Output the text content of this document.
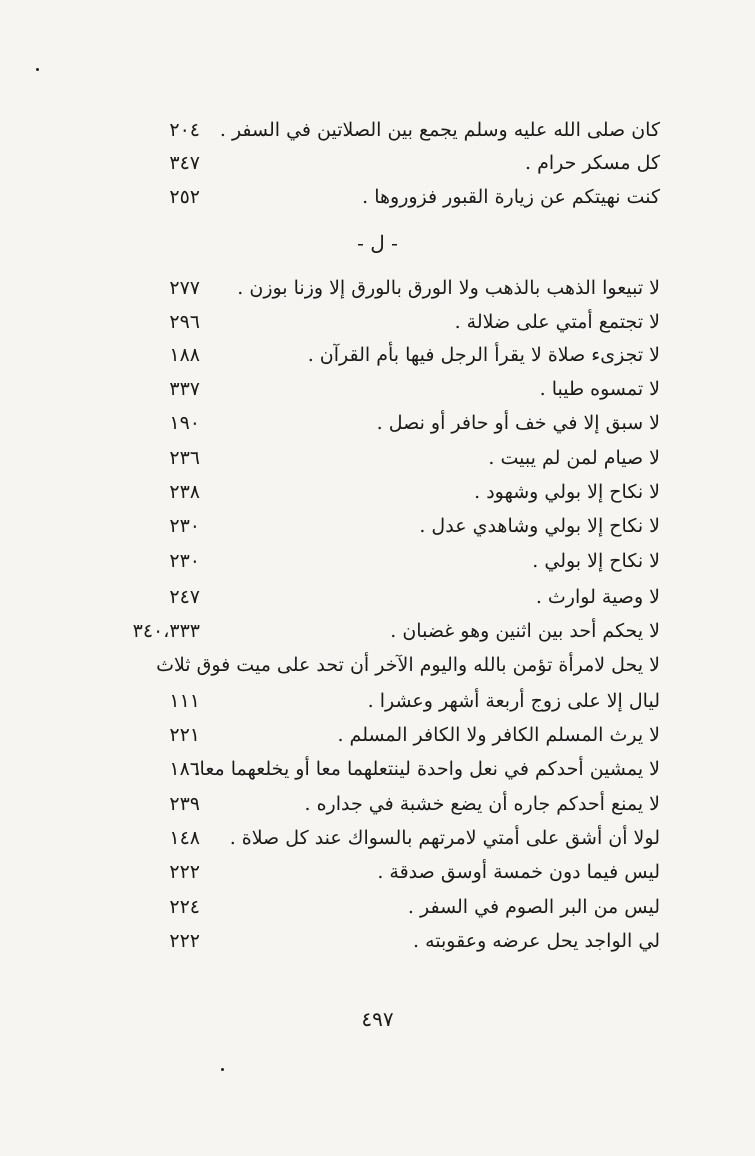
كان صلى الله عليه وسلم يجمع بين الصلاتين في السفر .
٢٠٤
كل مسكر حرام .
٣٤٧
كنت نهيتكم عن زيارة القبور فزوروها .
٢٥٢
- ل -
لا تبيعوا الذهب بالذهب ولا الورق بالورق إلا وزنا بوزن .
٢٧٧
لا تجتمع أمتي على ضلالة .
٢٩٦
لا تجزىء صلاة لا يقرأ الرجل فيها بأم القرآن .
١٨٨
لا تمسوه طيبا .
٣٣٧
لا سبق إلا في خف أو حافر أو نصل .
١٩٠
لا صيام لمن لم يبيت .
٢٣٦
لا نكاح إلا بولي وشهود .
٢٣٨
لا نكاح إلا بولي وشاهدي عدل .
٢٣٠
لا نكاح إلا بولي .
٢٣٠
لا وصية لوارث .
٢٤٧
لا يحكم أحد بين اثنين وهو غضبان .
٣٤٠،٣٣٣
لا يحل لامرأة تؤمن بالله واليوم الآخر أن تحد على ميت فوق ثلاث
ليال إلا على زوج أربعة أشهر وعشرا .
١١١
لا يرث المسلم الكافر ولا الكافر المسلم .
٢٢١
لا يمشين أحدكم في نعل واحدة لينتعلهما معا أو يخلعهما معا.
١٨٦
لا يمنع أحدكم جاره أن يضع خشبة في جداره .
٢٣٩
لولا أن أشق على أمتي لامرتهم بالسواك عند كل صلاة .
١٤٨
ليس فيما دون خمسة أوسق صدقة .
٢٢٢
ليس من البر الصوم في السفر .
٢٢٤
لي الواجد يحل عرضه وعقوبته .
٢٢٢
٤٩٧
